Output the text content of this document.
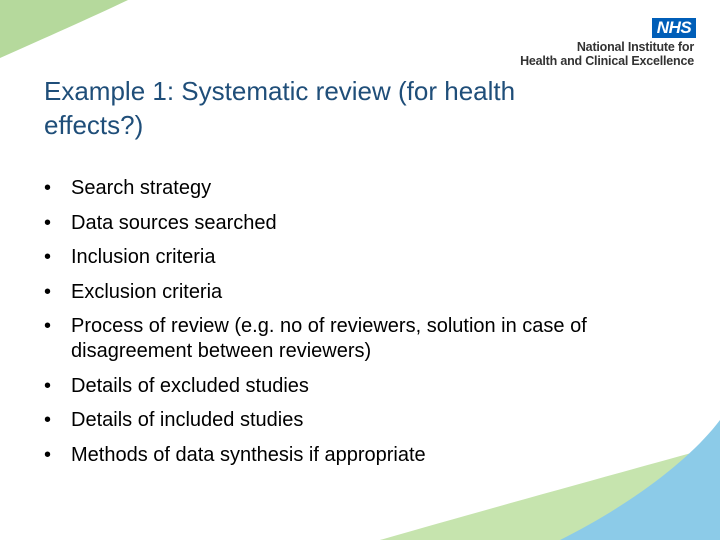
NHS
National Institute for
Health and Clinical Excellence
Example 1: Systematic review (for health effects?)
• Search strategy
• Data sources searched
• Inclusion criteria
• Exclusion criteria
• Process of review (e.g. no of reviewers, solution in case of disagreement between reviewers)
• Details of excluded studies
• Details of included studies
• Methods of data synthesis if appropriate
